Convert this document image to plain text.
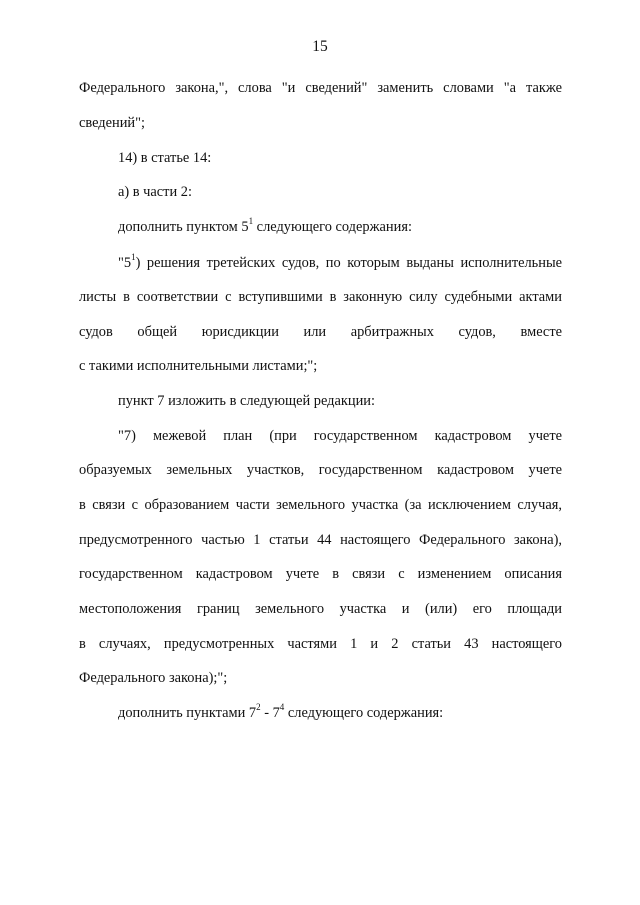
15
Федерального закона,", слова "и сведений" заменить словами "а также
сведений";
14) в статье 14:
а) в части 2:
дополнить пунктом $5^1$ следующего содержания:
"$5^1$) решения третейских судов, по которым выданы исполнительные
листы в соответствии с вступившими в законную силу судебными актами
судов общей юрисдикции или арбитражных судов, вместе
с такими исполнительными листами;";
пункт 7 изложить в следующей редакции:
"7) межевой план (при государственном кадастровом учете
образуемых земельных участков, государственном кадастровом учете
в связи с образованием части земельного участка (за исключением случая,
предусмотренного частью 1 статьи 44 настоящего Федерального закона),
государственном кадастровом учете в связи с изменением описания
местоположения границ земельного участка и (или) его площади
в случаях, предусмотренных частями 1 и 2 статьи 43 настоящего
Федерального закона);";
дополнить пунктами $7^2 - 7^4$ следующего содержания:
